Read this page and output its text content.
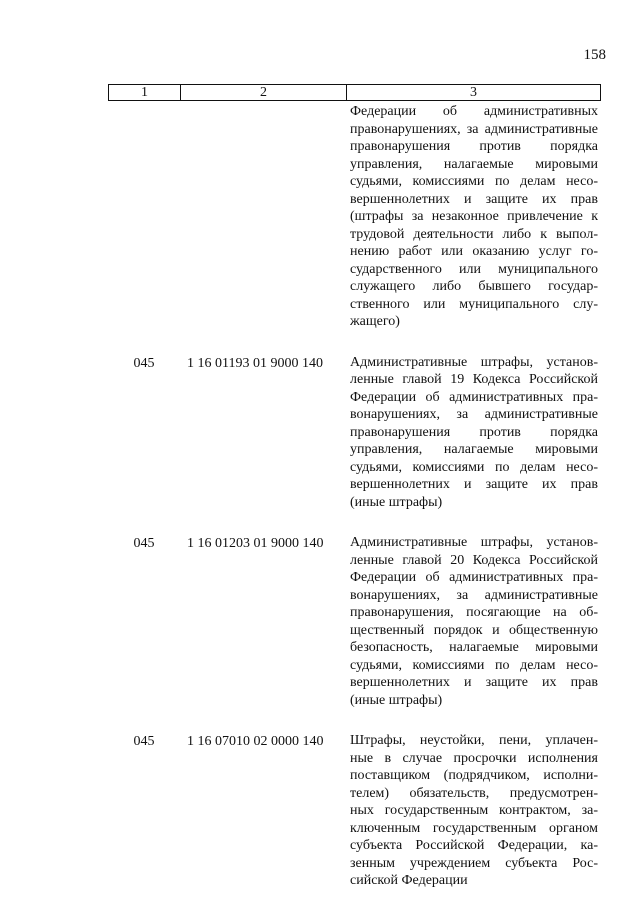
158
1	2	3
Федерации об административных
правонарушениях, за административные
правонарушения против порядка
управления, налагаемые мировыми
судьями, комиссиями по делам несо-
вершеннолетних и защите их прав
(штрафы за незаконное привлечение к
трудовой деятельности либо к выпол-
нению работ или оказанию услуг го-
сударственного или муниципального
служащего либо бывшего государ-
ственного или муниципального слу-
жащего)
045	1 16 01193 01 9000 140	Административные штрафы, установ-
ленные главой 19 Кодекса Российской
Федерации об административных пра-
вонарушениях, за административные
правонарушения против порядка
управления, налагаемые мировыми
судьями, комиссиями по делам несо-
вершеннолетних и защите их прав
(иные штрафы)
045	1 16 01203 01 9000 140	Административные штрафы, установ-
ленные главой 20 Кодекса Российской
Федерации об административных пра-
вонарушениях, за административные
правонарушения, посягающие на об-
щественный порядок и общественную
безопасность, налагаемые мировыми
судьями, комиссиями по делам несо-
вершеннолетних и защите их прав
(иные штрафы)
045	1 16 07010 02 0000 140	Штрафы, неустойки, пени, уплачен-
ные в случае просрочки исполнения
поставщиком (подрядчиком, исполни-
телем) обязательств, предусмотрен-
ных государственным контрактом, за-
ключенным государственным органом
субъекта Российской Федерации, ка-
зенным учреждением субъекта Рос-
сийской Федерации
